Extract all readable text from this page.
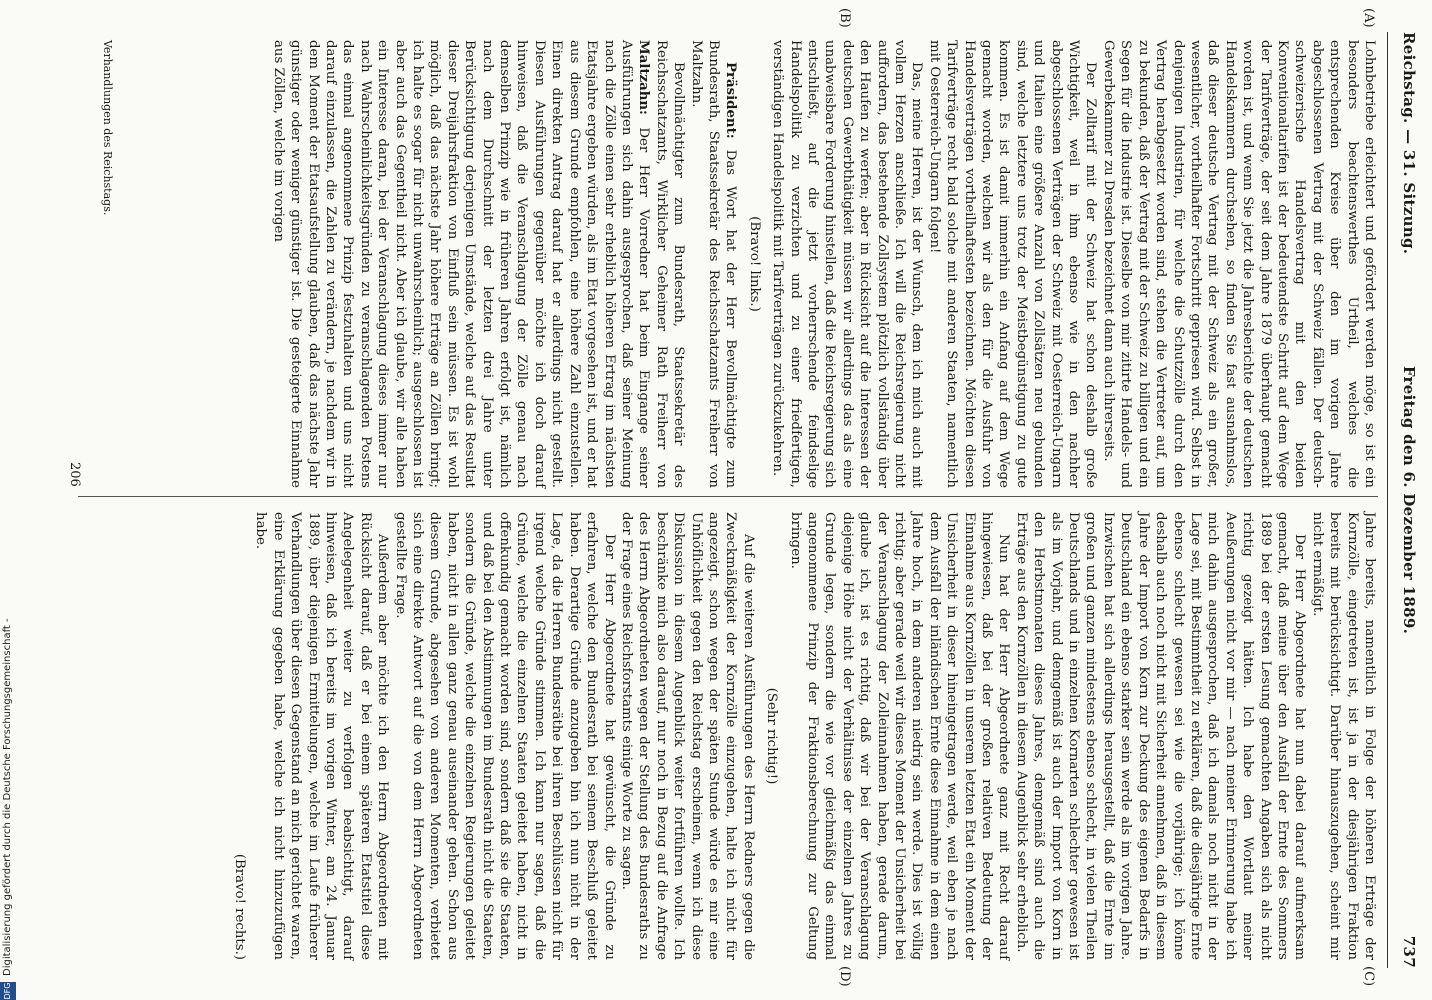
Reichstag. — 31. Sitzung.
Freitag den 6. Dezember 1889.
737
(A)
(B)
(C)
(D)

Lohnbetriebe erleichtert und gefördert werden möge, so ist ein besonders beachtenswerthes Urtheil, welches die entsprechenden Kreise über den im vorigen Jahre abgeschlossenen Vertrag mit der Schweiz fällen. Der deutsch-schweizerische Handelsvertrag mit den beiden Konventionaltarifen ist der bedeutendste Schritt auf dem Wege der Tarifverträge, der seit dem Jahre 1879 überhaupt gemacht worden ist, und wenn Sie jetzt die Jahresberichte der deutschen Handelskammern durchsehen, so finden Sie fast ausnahmslos, daß dieser deutsche Vertrag mit der Schweiz als ein großer, wesentlicher, vortheilhafter Fortschritt gepriesen wird. Selbst in denjenigen Industrien, für welche die Schutzzölle durch den Vertrag herabgesetzt worden sind, stehen die Vertreter auf, um zu bekunden, daß der Vertrag mit der Schweiz zu billigen und ein Segen für die Industrie ist. Dieselbe von mir zitirte Handels- und Gewerbekammer zu Dresden bezeichnet dann auch ihrerseits.

Der Zolltarif mit der Schweiz hat schon deshalb große Wichtigkeit, weil in ihm ebenso wie in den nachher abgeschlossenen Verträgen der Schweiz mit Oesterreich-Ungarn und Italien eine größere Anzahl von Zollsätzen neu gebunden sind, welche letztere uns trotz der Meistbegünstigung zu gute kommen. Es ist damit immerhin ein Anfang auf dem Wege gemacht worden, welchen wir als den für die Ausfuhr von Handelsverträgen vortheilhaftesten bezeichnen. Möchten diesen Tarifverträge recht bald solche mit anderen Staaten, namentlich mit Oesterreich-Ungarn folgen!

Das, meine Herren, ist der Wunsch, dem ich mich auch mit vollem Herzen anschließe. Ich will die Reichsregierung nicht auffordern, das bestehende Zollsystem plötzlich vollständig über den Haufen zu werfen; aber in Rücksicht auf die Interessen der deutschen Gewerbthätigkeit müssen wir allerdings das als eine unabweisbare Forderung hinstellen, daß die Reichsregierung sich entschließt, auf die jetzt vorherrschende feindselige Handelspolitik zu verzichten und zu einer friedfertigen, verständigen Handelspolitik mit Tarifverträgen zurückzukehren.

(Bravo! links.)

Präsident: Das Wort hat der Herr Bevollmächtigte zum Bundesrath, Staatssekretär des Reichsschatzamts Freiherr von Maltzahn.

Bevollmächtigter zum Bundesrath, Staatssekretär des Reichsschatzamts, Wirklicher Geheimer Rath Freiherr von Maltzahn: Der Herr Vorredner hat beim Eingange seiner Ausführungen sich dahin ausgesprochen, daß seiner Meinung nach die Zölle einen sehr erheblich höheren Ertrag im nächsten Etatsjahre ergeben würden, als im Etat vorgesehen ist, und er hat aus diesem Grunde empfohlen, eine höhere Zahl einzustellen. Einen direkten Antrag darauf hat er allerdings nicht gestellt. Diesen Ausführungen gegenüber möchte ich doch darauf hinweisen, daß die Veranschlagung der Zölle genau nach demselben Prinzip wie in früheren Jahren erfolgt ist, nämlich nach dem Durchschnitt der letzten drei Jahre unter Berücksichtigung derjenigen Umstände, welche auf das Resultat dieser Dreijahrsfraktion von Einfluß sein müssen. Es ist wohl möglich, daß das nächste Jahr höhere Erträge an Zöllen bringt; ich halte es sogar für nicht unwahrscheinlich; ausgeschlossen ist aber auch das Gegentheil nicht. Aber ich glaube, wir alle haben ein Interesse daran, bei der Veranschlagung dieses immer nur nach Wahrscheinlichkeitsgründen zu veranschlagenden Postens das einmal angenommene Prinzip festzuhalten und uns nicht darauf einzulassen, die Zahlen zu verändern, je nachdem wir in dem Moment der Etatsaufstellung glauben, daß das nächste Jahr günstiger oder weniger günstiger ist. Die gesteigerte Einnahme aus Zöllen, welche im vorigen

Jahre bereits, namentlich in Folge der höheren Erträge der Kornzölle, eingetreten ist, ist ja in der diesjährigen Fraktion bereits mit berücksichtigt. Darüber hinauszugehen, scheint mir nicht ermäßigt.

Der Herr Abgeordnete hat nun dabei darauf aufmerksam gemacht, daß meine über den Ausfall der Ernte des Sommers 1889 bei der ersten Lesung gemachten Angaben sich als nicht richtig gezeigt hätten. Ich habe den Wortlaut meiner Aeußerungen nicht vor mir — nach meiner Erinnerung habe ich mich dahin ausgesprochen, daß ich damals noch nicht in der Lage sei, mit Bestimmtheit zu erklären, daß die diesjährige Ernte ebenso schlecht gewesen sei wie die vorjährige; ich könne deshalb auch noch nicht mit Sicherheit annehmen, daß in diesem Jahre der Import von Korn zur Deckung des eigenen Bedarfs in Deutschland ein ebenso starker sein werde als im vorigen Jahre. Inzwischen hat sich allerdings herausgestellt, daß die Ernte im großen und ganzen mindestens ebenso schlecht, in vielen Theilen Deutschlands und in einzelnen Kornarten schlechter gewesen ist als im Vorjahr, und demgemäß ist auch der Import von Korn in den Herbstmonaten dieses Jahres, demgemäß sind auch die Erträge aus den Kornzöllen in diesem Augenblick sehr erheblich.

Nun hat der Herr Abgeordnete ganz mit Recht darauf hingewiesen, daß bei der großen relativen Bedeutung der Einnahme aus Kornzöllen in unserem letzten Etat ein Moment der Unsicherheit in dieser hineingetragen werde, weil eben je nach dem Ausfall der inländischen Ernte diese Einnahme in dem einen Jahre hoch, in dem anderen niedrig sein werde. Dies ist völlig richtig; aber gerade weil wir dieses Moment der Unsicherheit bei der Veranschlagung der Zolleinnahmen haben, gerade darum, glaube ich, ist es richtig, daß wir bei der Veranschlagung diejenige Höhe nicht der Verhältnisse der einzelnen Jahres zu Grunde legen, sondern die wie vor gleichmäßig das einmal angenommene Prinzip der Fraktionsberechnung zur Geltung bringen.

(Sehr richtig!)

Auf die weiteren Ausführungen des Herrn Redners gegen die Zweckmäßigkeit der Kornzölle einzugehen, halte ich nicht für angezeigt, schon wegen der späten Stunde würde es mir eine Unhöflichkeit gegen den Reichstag erscheinen, wenn ich diese Diskussion in diesem Augenblick weiter fortführen wollte. Ich beschränke mich also darauf, nur noch in Bezug auf die Anfrage des Herrn Abgeordneten wegen der Stellung des Bundesraths zu der Frage eines Reichsforstamts einige Worte zu sagen.

Der Herr Abgeordnete hat gewünscht, die Gründe zu erfahren, welche den Bundesrath bei seinem Beschluß geleitet haben. Derartige Gründe anzugeben bin ich nun nicht in der Lage, da die Herren Bundesräthe bei ihren Beschlüssen nicht für irgend welche Gründe stimmen. Ich kann nur sagen, daß die Gründe, welche die einzelnen Staaten geleitet haben, nicht in offenkundig gemacht worden sind, sondern daß sie die Staaten, und daß bei den Abstimmungen im Bundesrath nicht die Staaten, sondern die Gründe, welche die einzelnen Regierungen geleitet haben, nicht in allen ganz genau auseinander gehen. Schon aus diesem Grunde, abgesehen von anderen Momenten, verbietet sich eine direkte Antwort auf die von dem Herrn Abgeordneten gestellte Frage.

Außerdem aber möchte ich den Herrn Abgeordneten mit Rücksicht darauf, daß er bei einem späteren Etatstitel diese Angelegenheit weiter zu verfolgen beabsichtigt, darauf hinweisen, daß ich bereits im vorigen Winter, am 24. Januar 1889, über diejenigen Ermittelungen, welche im Laufe früherer Verhandlungen über diesen Gegenstand an mich gerichtet waren, eine Erklärung gegeben habe, welche ich nicht hinzuzufügen habe.

(Bravo! rechts.)

Verhandlungen des Reichstags.
206
DFG
Digitalisierung gefördert durch die Deutsche Forschungsgemeinschaft -
